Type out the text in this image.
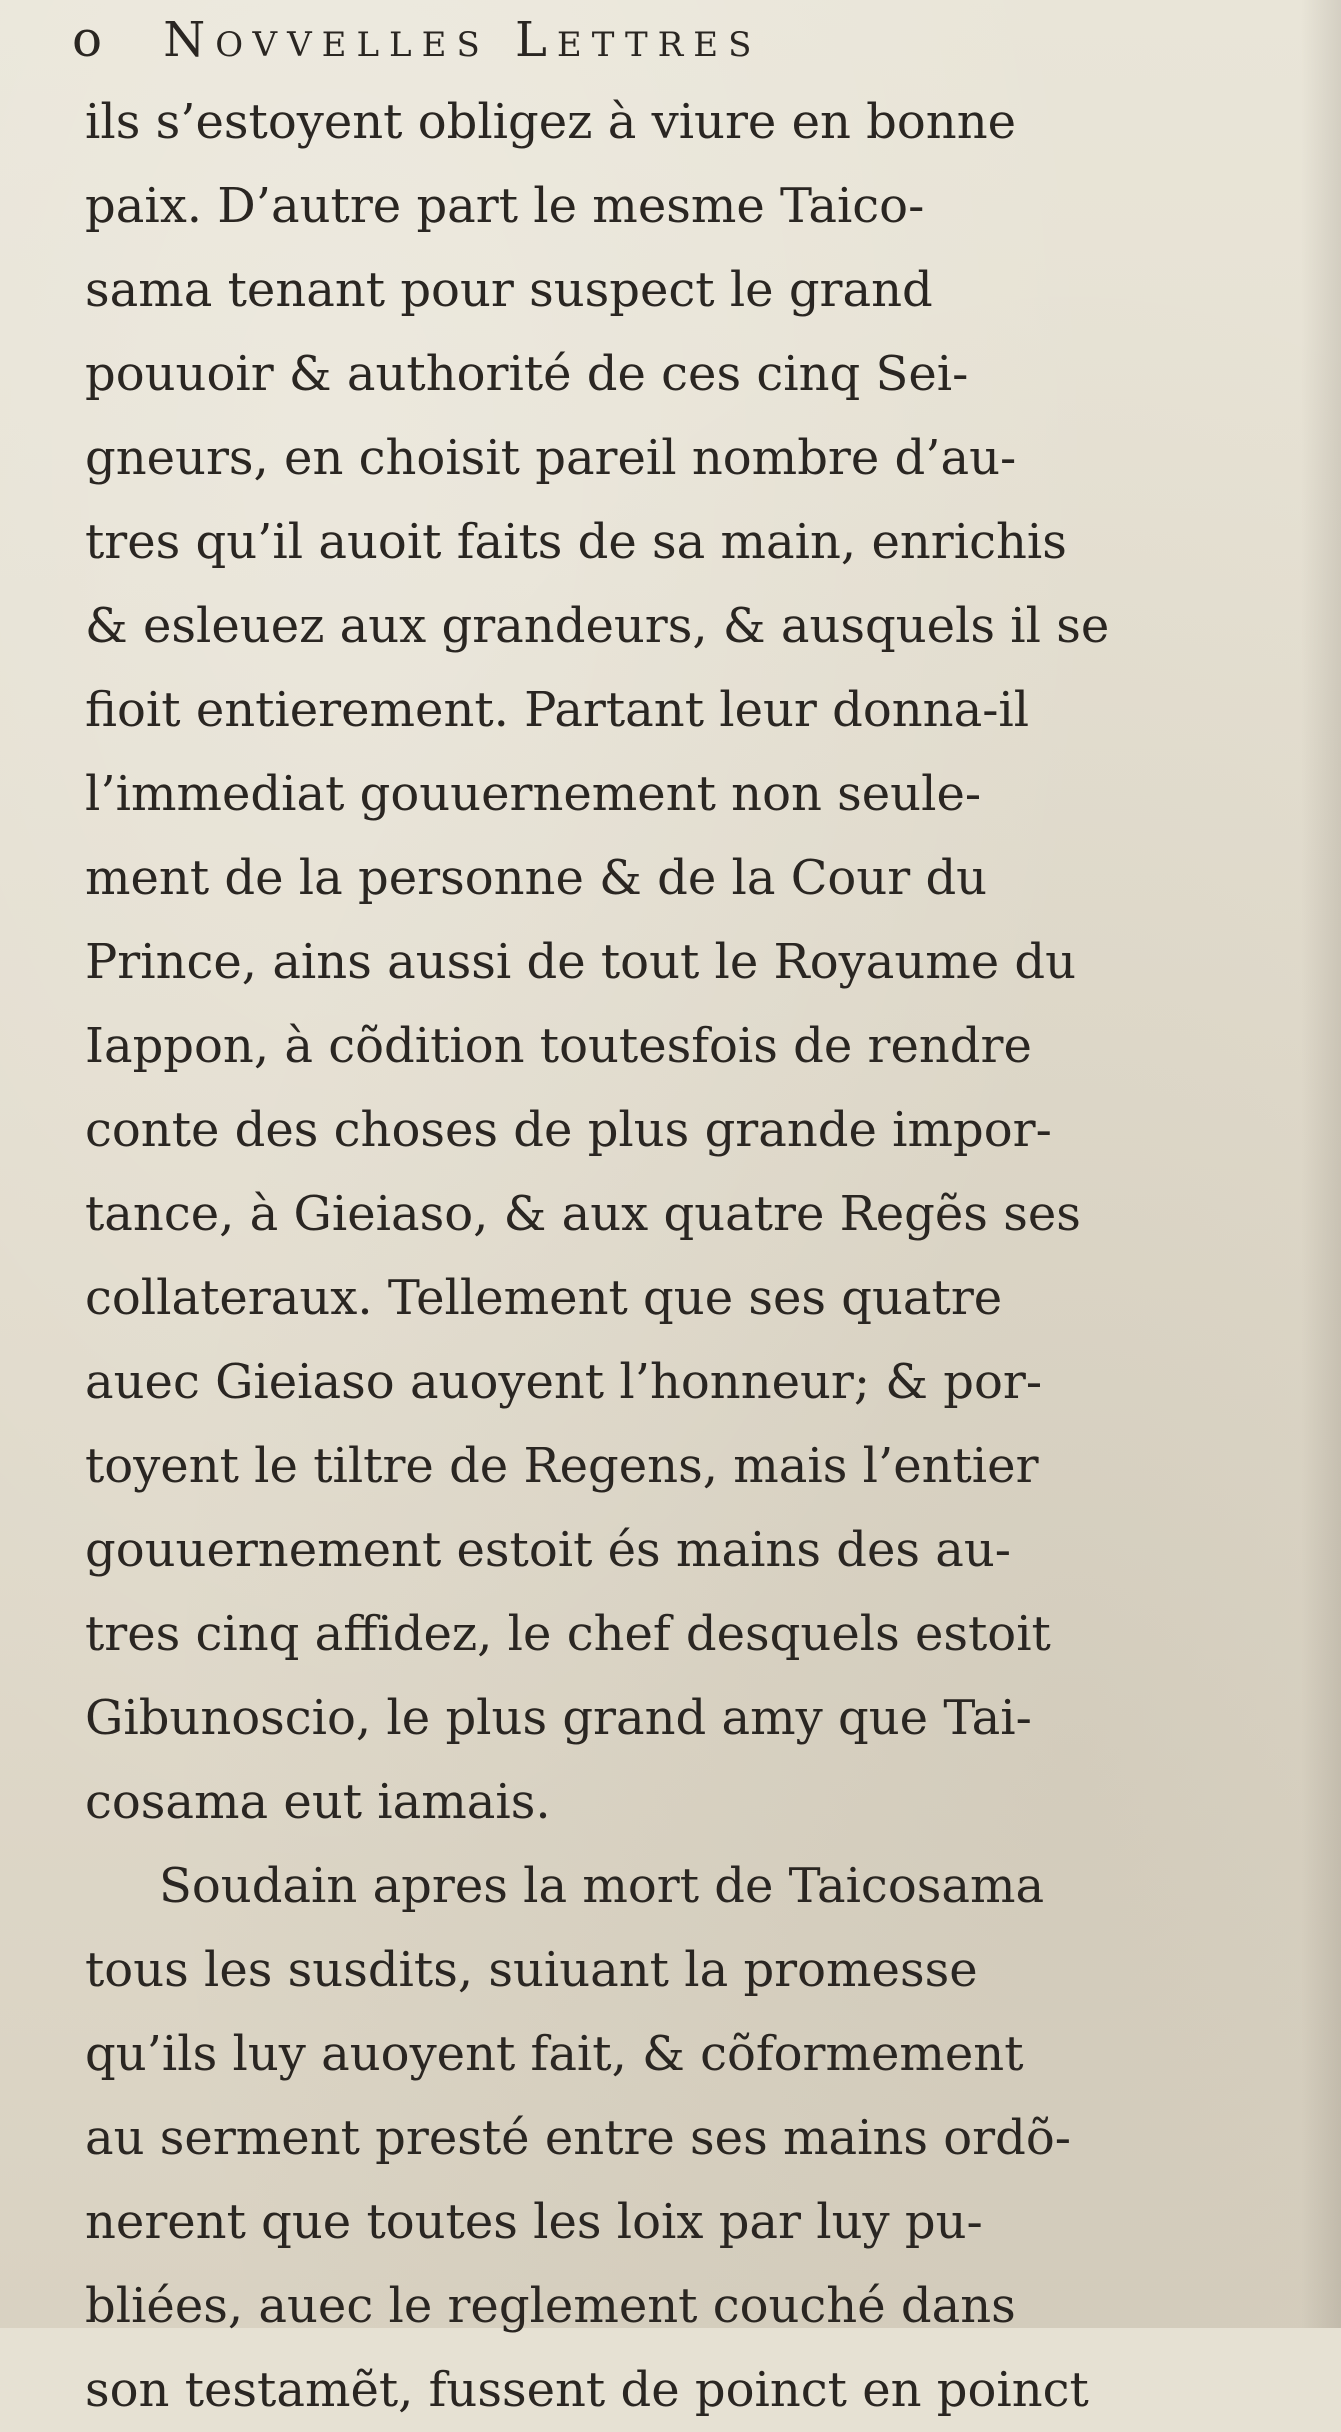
o Novvelles Lettres
ils s’estoyent obligez à viure en bonne
paix. D’autre part le mesme Taico-
sama tenant pour suspect le grand
pouuoir & authorité de ces cinq Sei-
gneurs, en choisit pareil nombre d’au-
tres qu’il auoit faits de sa main, enrichis
& esleuez aux grandeurs, & ausquels il se
fioit entierement. Partant leur donna-il
l’immediat gouuernement non seule-
ment de la personne & de la Cour du
Prince, ains aussi de tout le Royaume du
Iappon, à cõdition toutesfois de rendre
conte des choses de plus grande impor-
tance, à Gieiaso, & aux quatre Regẽs ses
collateraux. Tellement que ses quatre
auec Gieiaso auoyent l’honneur; & por-
toyent le tiltre de Regens, mais l’entier
gouuernement estoit és mains des au-
tres cinq affidez, le chef desquels estoit
Gibunoscio, le plus grand amy que Tai-
cosama eut iamais.
Soudain apres la mort de Taicosama
tous les susdits, suiuant la promesse
qu’ils luy auoyent fait, & cõformement
au serment presté entre ses mains ordõ-
nerent que toutes les loix par luy pu-
bliées, auec le reglement couché dans
son testamẽt, fussent de poinct en poinct
